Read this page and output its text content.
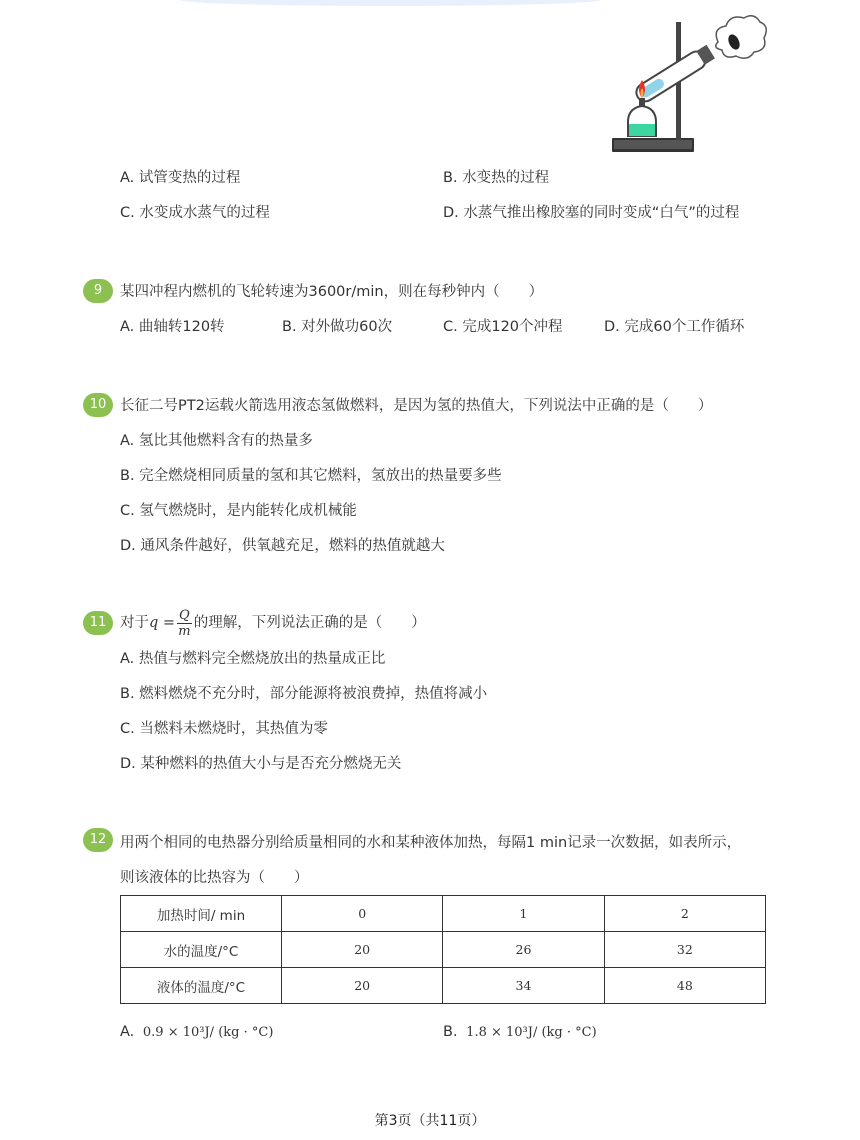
A. 试管变热的过程	B. 水变热的过程
C. 水变成水蒸气的过程	D. 水蒸气推出橡胶塞的同时变成“白气”的过程
9	某四冲程内燃机的飞轮转速为3600r/min，则在每秒钟内（　　）
A. 曲轴转120转	B. 对外做功60次	C. 完成120个冲程	D. 完成60个工作循环
10 长征二号PT2运载火箭选用液态氢做燃料，是因为氢的热值大，下列说法中正确的是（　　）
A. 氢比其他燃料含有的热量多
B. 完全燃烧相同质量的氢和其它燃料，氢放出的热量要多些
C. 氢气燃烧时，是内能转化成机械能
D. 通风条件越好，供氧越充足，燃料的热值就越大
11 对于$q = \frac{Q}{m}$ 的理解，下列说法正确的是（　　）
A. 热值与燃料完全燃烧放出的热量成正比
B. 燃料燃烧不充分时，部分能源将被浪费掉，热值将减小
C. 当燃料未燃烧时，其热值为零
D. 某种燃料的热值大小与是否充分燃烧无关
12 用两个相同的电热器分别给质量相同的水和某种液体加热，每隔1 min记录一次数据，如表所示，
则该液体的比热容为（　　）
加热时间/ min	0	1	2
水的温度/°C	20	26	32
液体的温度/°C	20	34	48
A. 0.9 × 10³J/ (kg · °C)	B. 1.8 × 10³J/ (kg · °C)
第3页（共11页）
